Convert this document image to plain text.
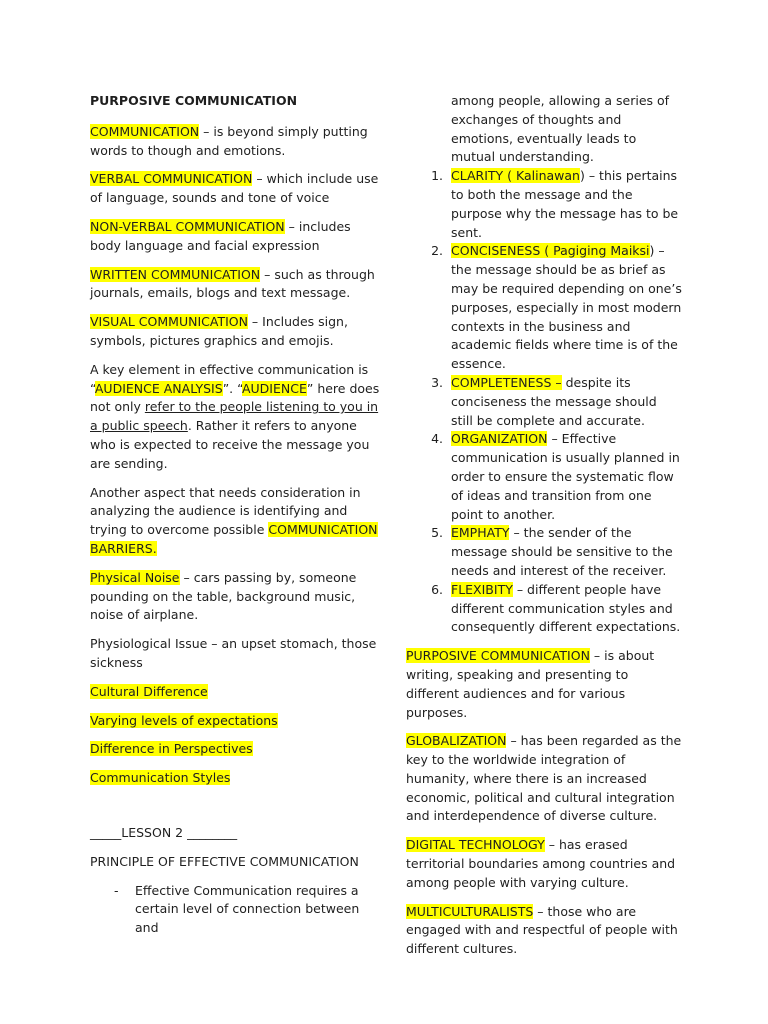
PURPOSIVE COMMUNICATION

COMMUNICATION – is beyond simply putting words to though and emotions.

VERBAL COMMUNICATION – which include use of language, sounds and tone of voice

NON-VERBAL COMMUNICATION – includes body language and facial expression

WRITTEN COMMUNICATION – such as through journals, emails, blogs and text message.

VISUAL COMMUNICATION – Includes sign, symbols, pictures graphics and emojis.

A key element in effective communication is “AUDIENCE ANALYSIS”. “AUDIENCE” here does not only refer to the people listening to you in a public speech. Rather it refers to anyone who is expected to receive the message you are sending.

Another aspect that needs consideration in analyzing the audience is identifying and trying to overcome possible COMMUNICATION BARRIERS.

Physical Noise – cars passing by, someone pounding on the table, background music, noise of airplane.

Physiological Issue – an upset stomach, those sickness

Cultural Difference

Varying levels of expectations

Difference in Perspectives

Communication Styles

_____LESSON 2 ________

PRINCIPLE OF EFFECTIVE COMMUNICATION

-	Effective Communication requires a certain level of connection between and

among people, allowing a series of exchanges of thoughts and emotions, eventually leads to mutual understanding.

1. CLARITY ( Kalinawan) – this pertains to both the message and the purpose why the message has to be sent.
2. CONCISENESS ( Pagiging Maiksi) – the message should be as brief as may be required depending on one’s purposes, especially in most modern contexts in the business and academic fields where time is of the essence.
3. COMPLETENESS – despite its conciseness the message should still be complete and accurate.
4. ORGANIZATION – Effective communication is usually planned in order to ensure the systematic flow of ideas and transition from one point to another.
5. EMPHATY – the sender of the message should be sensitive to the needs and interest of the receiver.
6. FLEXIBITY – different people have different communication styles and consequently different expectations.

PURPOSIVE COMMUNICATION – is about writing, speaking and presenting to different audiences and for various purposes.

GLOBALIZATION – has been regarded as the key to the worldwide integration of humanity, where there is an increased economic, political and cultural integration and interdependence of diverse culture.

DIGITAL TECHNOLOGY – has erased territorial boundaries among countries and among people with varying culture.

MULTICULTURALISTS – those who are engaged with and respectful of people with different cultures.
